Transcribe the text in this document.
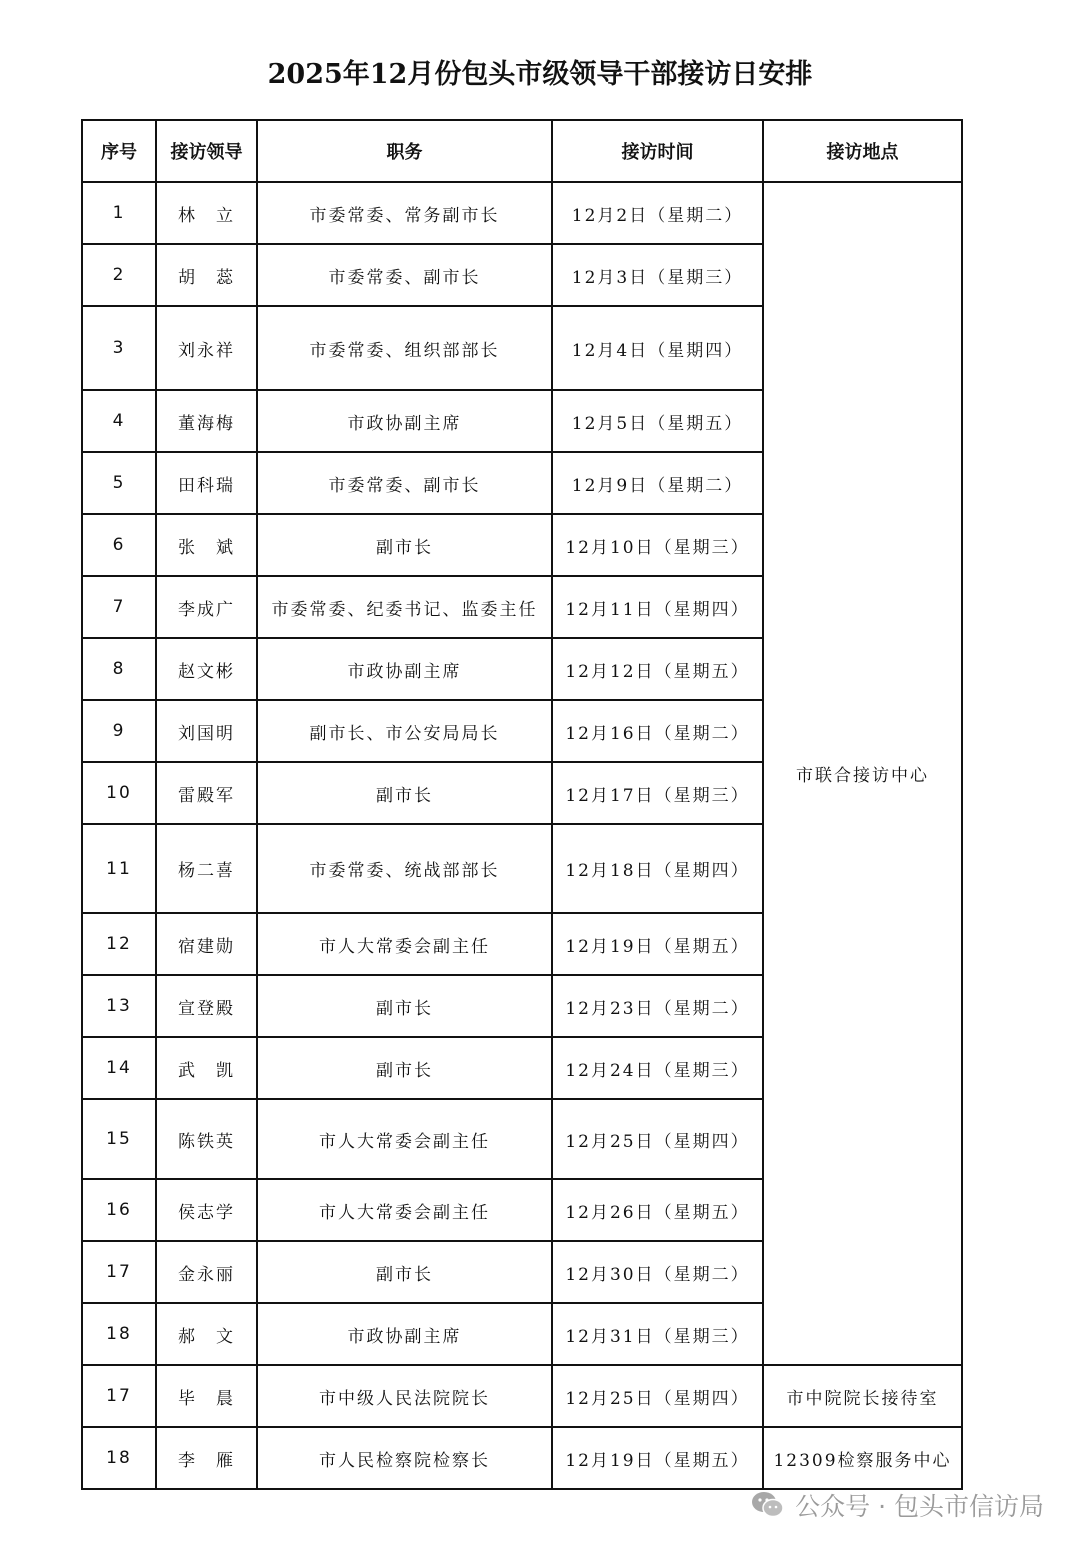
2025年12月份包头市级领导干部接访日安排
序号	接访领导	职务	接访时间	接访地点
1	林　立	市委常委、常务副市长	12月2日（星期二）	市联合接访中心
2	胡　蕊	市委常委、副市长	12月3日（星期三）	
3	刘永祥	市委常委、组织部部长	12月4日（星期四）	
4	董海梅	市政协副主席	12月5日（星期五）	
5	田科瑞	市委常委、副市长	12月9日（星期二）	
6	张　斌	副市长	12月10日（星期三）	
7	李成广	市委常委、纪委书记、监委主任	12月11日（星期四）	
8	赵文彬	市政协副主席	12月12日（星期五）	
9	刘国明	副市长、市公安局局长	12月16日（星期二）	
10	雷殿军	副市长	12月17日（星期三）	
11	杨二喜	市委常委、统战部部长	12月18日（星期四）	
12	宿建勋	市人大常委会副主任	12月19日（星期五）	
13	宣登殿	副市长	12月23日（星期二）	
14	武　凯	副市长	12月24日（星期三）	
15	陈铁英	市人大常委会副主任	12月25日（星期四）	
16	侯志学	市人大常委会副主任	12月26日（星期五）	
17	金永丽	副市长	12月30日（星期二）	
18	郝　文	市政协副主席	12月31日（星期三）	
17	毕　晨	市中级人民法院院长	12月25日（星期四）	市中院院长接待室
18	李　雁	市人民检察院检察长	12月19日（星期五）	12309检察服务中心
公众号 · 包头市信访局
